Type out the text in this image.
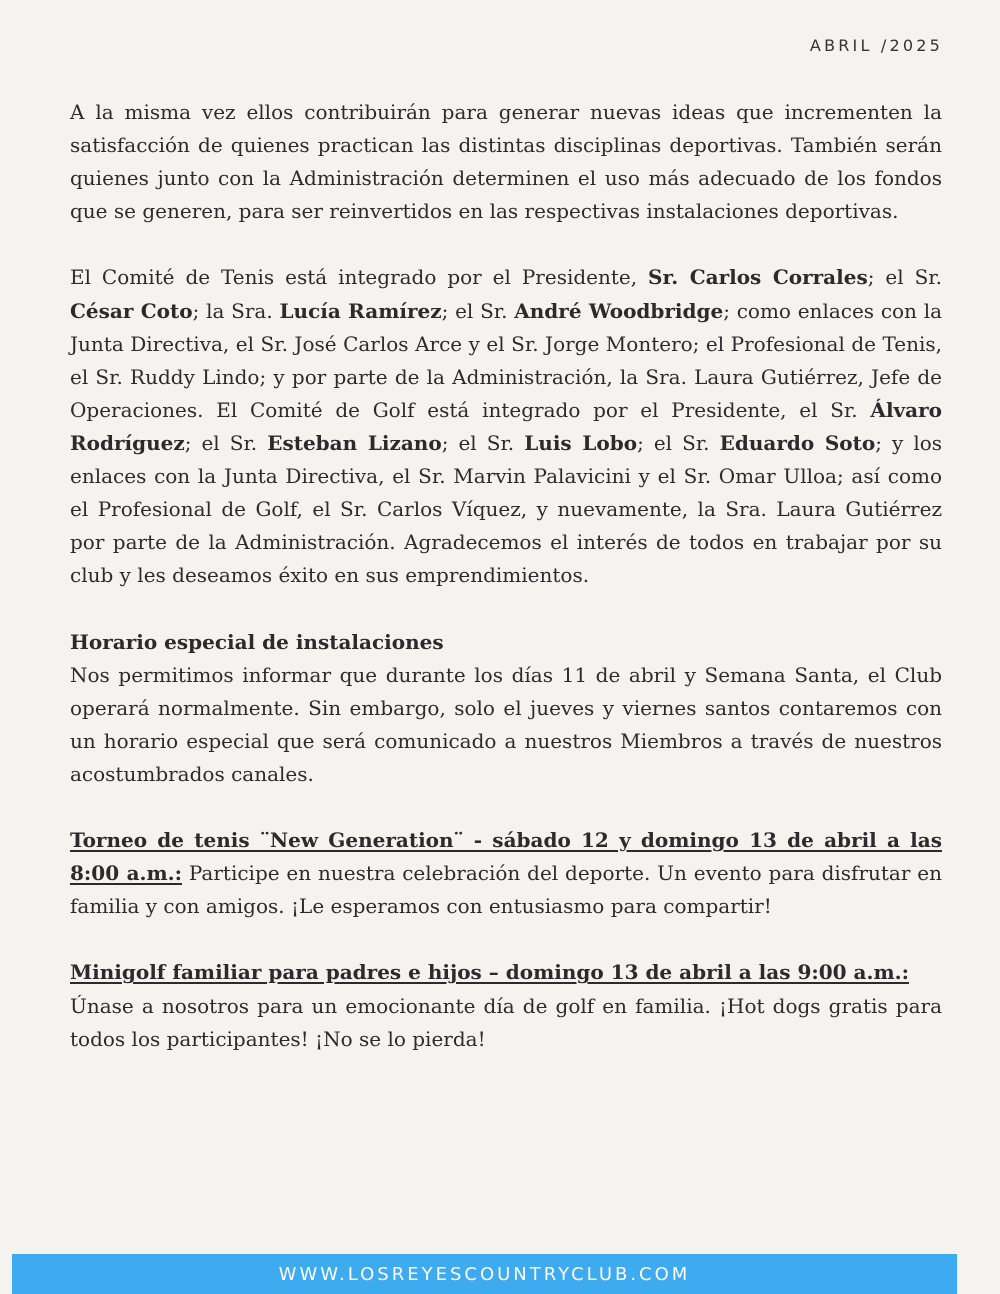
ABRIL /2025

A la misma vez ellos contribuirán para generar nuevas ideas que incrementen la satisfacción de quienes practican las distintas disciplinas deportivas. También serán quienes junto con la Administración determinen el uso más adecuado de los fondos que se generen, para ser reinvertidos en las respectivas instalaciones deportivas.

El Comité de Tenis está integrado por el Presidente, Sr. Carlos Corrales; el Sr. César Coto; la Sra. Lucía Ramírez; el Sr. André Woodbridge; como enlaces con la Junta Directiva, el Sr. José Carlos Arce y el Sr. Jorge Montero; el Profesional de Tenis, el Sr. Ruddy Lindo; y por parte de la Administración, la Sra. Laura Gutiérrez, Jefe de Operaciones. El Comité de Golf está integrado por el Presidente, el Sr. Álvaro Rodríguez; el Sr. Esteban Lizano; el Sr. Luis Lobo; el Sr. Eduardo Soto; y los enlaces con la Junta Directiva, el Sr. Marvin Palavicini y el Sr. Omar Ulloa; así como el Profesional de Golf, el Sr. Carlos Víquez, y nuevamente, la Sra. Laura Gutiérrez por parte de la Administración. Agradecemos el interés de todos en trabajar por su club y les deseamos éxito en sus emprendimientos.

Horario especial de instalaciones

Nos permitimos informar que durante los días 11 de abril y Semana Santa, el Club operará normalmente. Sin embargo, solo el jueves y viernes santos contaremos con un horario especial que será comunicado a nuestros Miembros a través de nuestros acostumbrados canales.

Torneo de tenis ¨New Generation¨ - sábado 12 y domingo 13 de abril a las 8:00 a.m.: Participe en nuestra celebración del deporte. Un evento para disfrutar en familia y con amigos. ¡Le esperamos con entusiasmo para compartir!

Minigolf familiar para padres e hijos – domingo 13 de abril a las 9:00 a.m.:
Únase a nosotros para un emocionante día de golf en familia. ¡Hot dogs gratis para todos los participantes! ¡No se lo pierda!

WWW.LOSREYESCOUNTRYCLUB.COM
